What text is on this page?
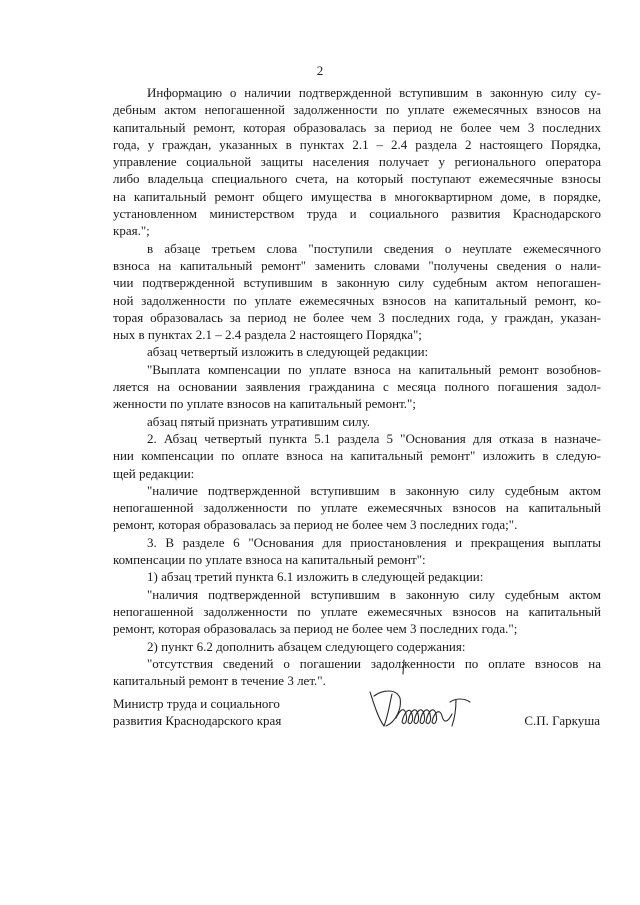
2
Информацию о наличии подтвержденной вступившим в законную силу су-
дебным актом непогашенной задолженности по уплате ежемесячных взносов на
капитальный ремонт, которая образовалась за период не более чем 3 последних
года, у граждан, указанных в пунктах 2.1 – 2.4 раздела 2 настоящего Порядка,
управление социальной защиты населения получает у регионального оператора
либо владельца специального счета, на который поступают ежемесячные взносы
на капитальный ремонт общего имущества в многоквартирном доме, в порядке,
установленном министерством труда и социального развития Краснодарского
края.";
в абзаце третьем слова "поступили сведения о неуплате ежемесячного
взноса на капитальный ремонт" заменить словами "получены сведения о нали-
чии подтвержденной вступившим в законную силу судебным актом непогашен-
ной задолженности по уплате ежемесячных взносов на капитальный ремонт, ко-
торая образовалась за период не более чем 3 последних года, у граждан, указан-
ных в пунктах 2.1 – 2.4 раздела 2 настоящего Порядка";
абзац четвертый изложить в следующей редакции:
"Выплата компенсации по уплате взноса на капитальный ремонт возобнов-
ляется на основании заявления гражданина с месяца полного погашения задол-
женности по уплате взносов на капитальный ремонт.";
абзац пятый признать утратившим силу.
2. Абзац четвертый пункта 5.1 раздела 5 "Основания для отказа в назначе-
нии компенсации по оплате взноса на капитальный ремонт" изложить в следую-
щей редакции:
"наличие подтвержденной вступившим в законную силу судебным актом
непогашенной задолженности по уплате ежемесячных взносов на капитальный
ремонт, которая образовалась за период не более чем 3 последних года;".
3. В разделе 6 "Основания для приостановления и прекращения выплаты
компенсации по уплате взноса на капитальный ремонт":
1) абзац третий пункта 6.1 изложить в следующей редакции:
"наличия подтвержденной вступившим в законную силу судебным актом
непогашенной задолженности по уплате ежемесячных взносов на капитальный
ремонт, которая образовалась за период не более чем 3 последних года.";
2) пункт 6.2 дополнить абзацем следующего содержания:
"отсутствия сведений о погашении задолженности по оплате взносов на
капитальный ремонт в течение 3 лет.".
Министр труда и социального
развития Краснодарского края	С.П. Гаркуша
